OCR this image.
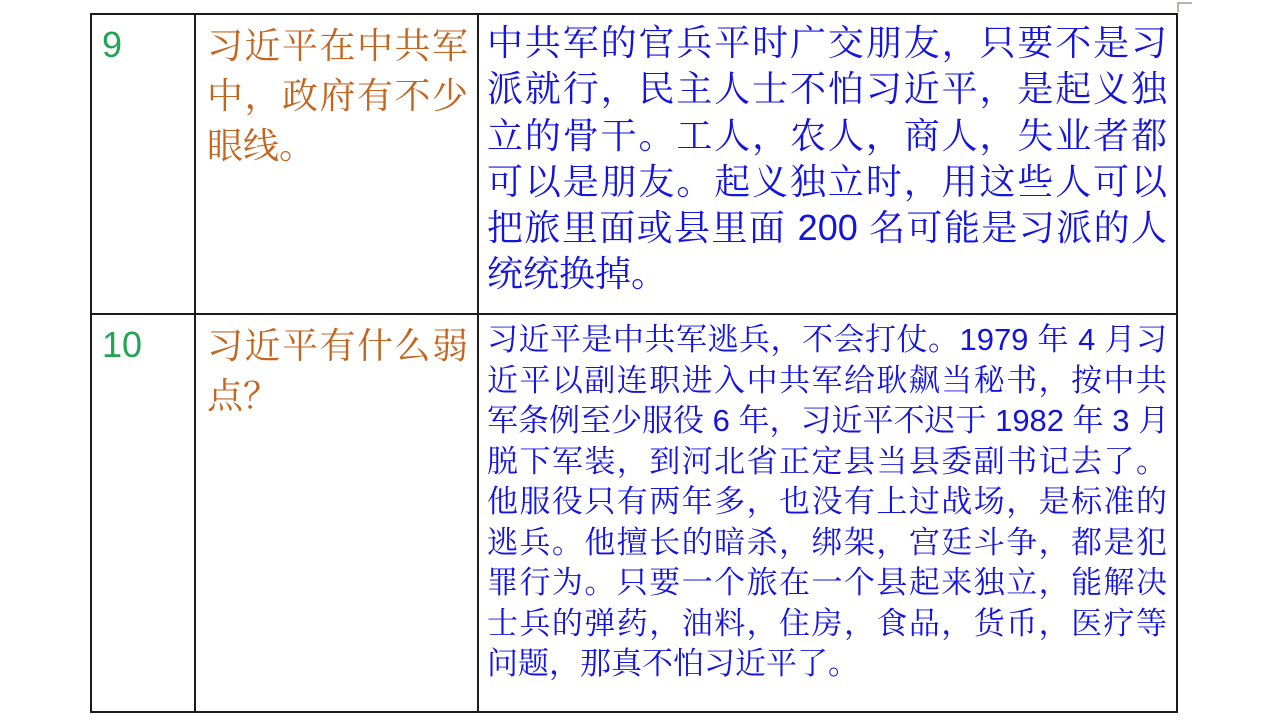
9	习近平在中共军
中，政府有不少
眼线。
中共军的官兵平时广交朋友，只要不是习
派就行，民主人士不怕习近平，是起义独
立的骨干。工人，农人，商人，失业者都
可以是朋友。起义独立时，用这些人可以
把旅里面或县里面 200 名可能是习派的人
统统换掉。
10	习近平有什么弱
点？
习近平是中共军逃兵，不会打仗。1979 年 4 月习
近平以副连职进入中共军给耿飙当秘书，按中共
军条例至少服役 6 年，习近平不迟于 1982 年 3 月
脱下军装，到河北省正定县当县委副书记去了。
他服役只有两年多，也没有上过战场，是标准的
逃兵。他擅长的暗杀，绑架，宫廷斗争，都是犯
罪行为。只要一个旅在一个县起来独立，能解决
士兵的弹药，油料，住房，食品，货币，医疗等
问题，那真不怕习近平了。
